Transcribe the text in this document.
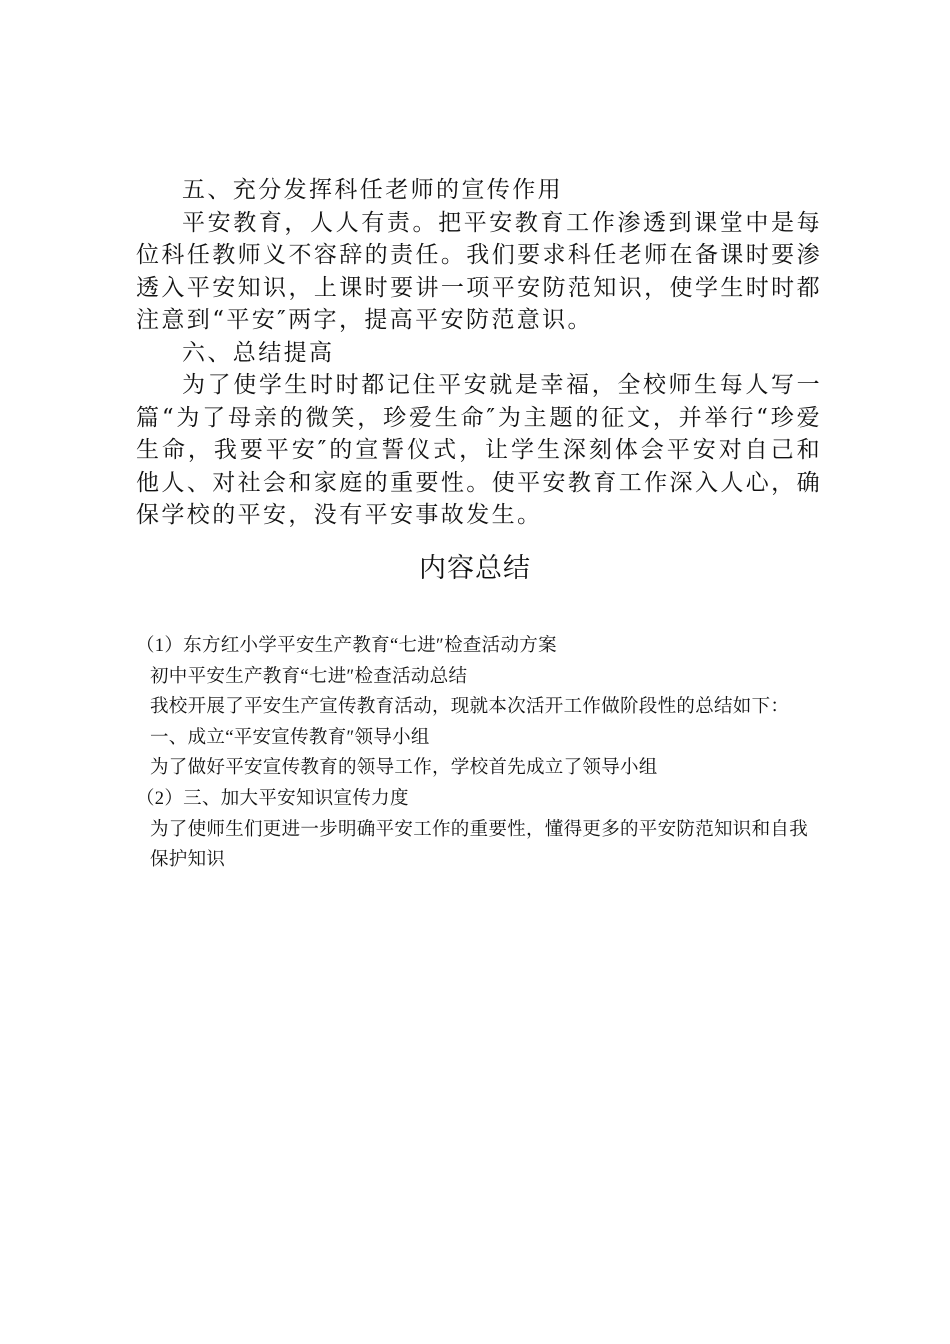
五、充分发挥科任老师的宣传作用

平安教育，人人有责。把平安教育工作渗透到课堂中是每位科任教师义不容辞的责任。我们要求科任老师在备课时要渗透入平安知识，上课时要讲一项平安防范知识，使学生时时都注意到“平安″两字，提高平安防范意识。

六、总结提高

为了使学生时时都记住平安就是幸福，全校师生每人写一篇“为了母亲的微笑，珍爱生命″为主题的征文，并举行“珍爱生命，我要平安″的宣誓仪式，让学生深刻体会平安对自己和他人、对社会和家庭的重要性。使平安教育工作深入人心，确保学校的平安，没有平安事故发生。

内容总结

（1）东方红小学平安生产教育“七进″检查活动方案

初中平安生产教育“七进″检查活动总结

我校开展了平安生产宣传教育活动，现就本次活开工作做阶段性的总结如下：

一、成立“平安宣传教育″领导小组

为了做好平安宣传教育的领导工作，学校首先成立了领导小组

（2）三、加大平安知识宣传力度

为了使师生们更进一步明确平安工作的重要性，懂得更多的平安防范知识和自我保护知识
